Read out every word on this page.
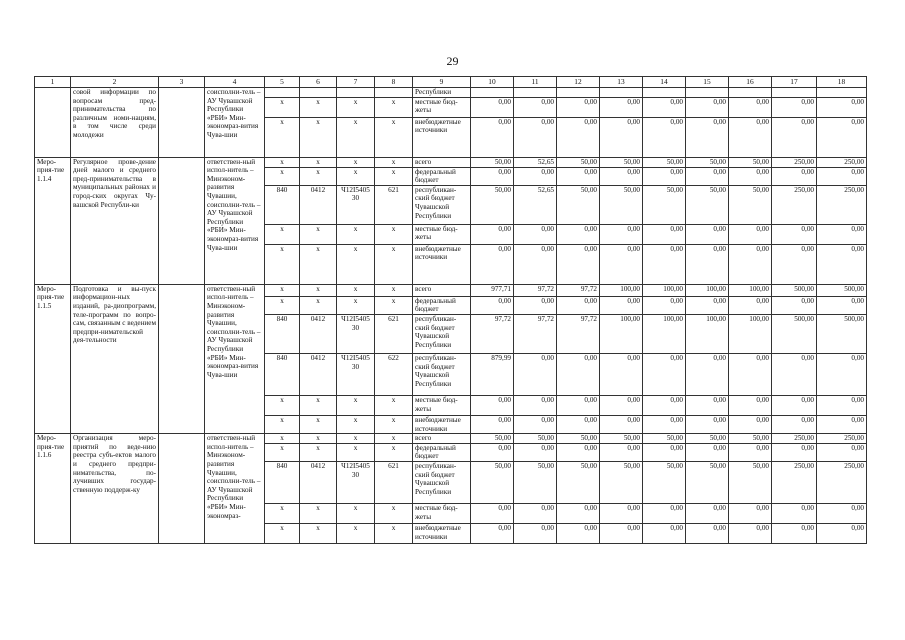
29
1	2	3	4	5	6	7	8	9	10	11	12	13	14	15	16	17	18
	совой информации по вопросам пред-принимательства по различным номи-нациям, в том числе среди молодежи		соисполни-тель – АУ Чувашской Республики «РБИ» Мин-экономраз-вития Чува-шии					Республики									
				х	х	х	х	местные бюд-жеты	0,00	0,00	0,00	0,00	0,00	0,00	0,00	0,00	0,00
				х	х	х	х	внебюджетные источники	0,00	0,00	0,00	0,00	0,00	0,00	0,00	0,00	0,00
Меро-прия-тие 1.1.4	Регулярное прове-дение дней малого и среднего пред-принимательства в муниципальных районах и город-ских округах Чу-вашской Республи-ки		ответствен-ный испол-нитель – Минэконом-развития Чувашии, соисполни-тель – АУ Чувашской Республики «РБИ» Мин-экономраз-вития Чува-шии	х	х	х	х	всего	50,00	52,65	50,00	50,00	50,00	50,00	50,00	250,00	250,00
				х	х	х	х	федеральный бюджет	0,00	0,00	0,00	0,00	0,00	0,00	0,00	0,00	0,00
				840	0412	Ч12I5405 30	621	республикан-ский бюджет Чувашской Республики	50,00	52,65	50,00	50,00	50,00	50,00	50,00	250,00	250,00
				х	х	х	х	местные бюд-жеты	0,00	0,00	0,00	0,00	0,00	0,00	0,00	0,00	0,00
				х	х	х	х	внебюджетные источники	0,00	0,00	0,00	0,00	0,00	0,00	0,00	0,00	0,00
Меро-прия-тие 1.1.5	Подготовка и вы-пуск информацион-ных изданий, ра-диопрограмм, теле-программ по вопро-сам, связанным с ведением предпри-нимательской дея-тельности		ответствен-ный испол-нитель – Минэконом-развития Чувашии, соисполни-тель – АУ Чувашской Республики «РБИ» Мин-экономраз-вития Чува-шии	х	х	х	х	всего	977,71	97,72	97,72	100,00	100,00	100,00	100,00	500,00	500,00
				х	х	х	х	федеральный бюджет	0,00	0,00	0,00	0,00	0,00	0,00	0,00	0,00	0,00
				840	0412	Ч12I5405 30	621	республикан-ский бюджет Чувашской Республики	97,72	97,72	97,72	100,00	100,00	100,00	100,00	500,00	500,00
				840	0412	Ч12I5405 30	622	республикан-ский бюджет Чувашской Республики	879,99	0,00	0,00	0,00	0,00	0,00	0,00	0,00	0,00
				х	х	х	х	местные бюд-жеты	0,00	0,00	0,00	0,00	0,00	0,00	0,00	0,00	0,00
				х	х	х	х	внебюджетные источники	0,00	0,00	0,00	0,00	0,00	0,00	0,00	0,00	0,00
Меро-прия-тие 1.1.6	Организация меро-приятий по веде-нию реестра субъ-ектов малого и среднего предпри-нимательства, по-лучивших государ-ственную поддерж-ку		ответствен-ный испол-нитель – Минэконом-развития Чувашии, соисполни-тель – АУ Чувашской Республики «РБИ» Мин-экономраз-	х	х	х	х	всего	50,00	50,00	50,00	50,00	50,00	50,00	50,00	250,00	250,00
				х	х	х	х	федеральный бюджет	0,00	0,00	0,00	0,00	0,00	0,00	0,00	0,00	0,00
				840	0412	Ч12I5405 30	621	республикан-ский бюджет Чувашской Республики	50,00	50,00	50,00	50,00	50,00	50,00	50,00	250,00	250,00
				х	х	х	х	местные бюд-жеты	0,00	0,00	0,00	0,00	0,00	0,00	0,00	0,00	0,00
				х	х	х	х	внебюджетные источники	0,00	0,00	0,00	0,00	0,00	0,00	0,00	0,00	0,00
